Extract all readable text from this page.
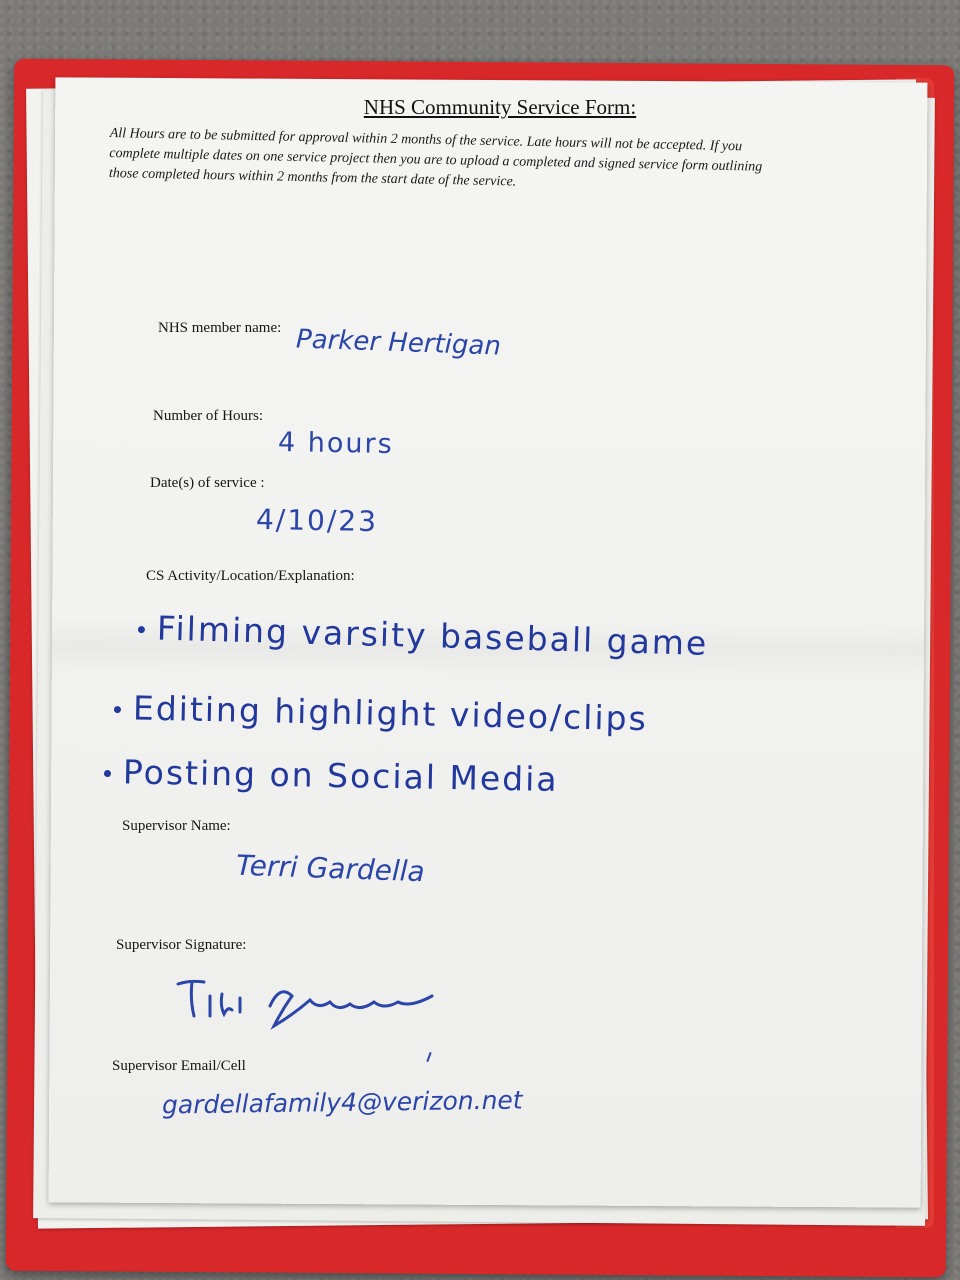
NHS Community Service Form:
All Hours are to be submitted for approval within 2 months of the service. Late hours will not be accepted. If you complete multiple dates on one service project then you are to upload a completed and signed service form outlining those completed hours within 2 months from the start date of the service.
NHS member name: Parker Hertigan
Number of Hours:
4 hours
Date(s) of service :
4/10/23
CS Activity/Location/Explanation:
Filming varsity baseball game
Editing highlight video/clips
Posting on Social Media
Supervisor Name:
Terri Gardella
Supervisor Signature:
Supervisor Email/Cell
gardellafamily4@verizon.net
